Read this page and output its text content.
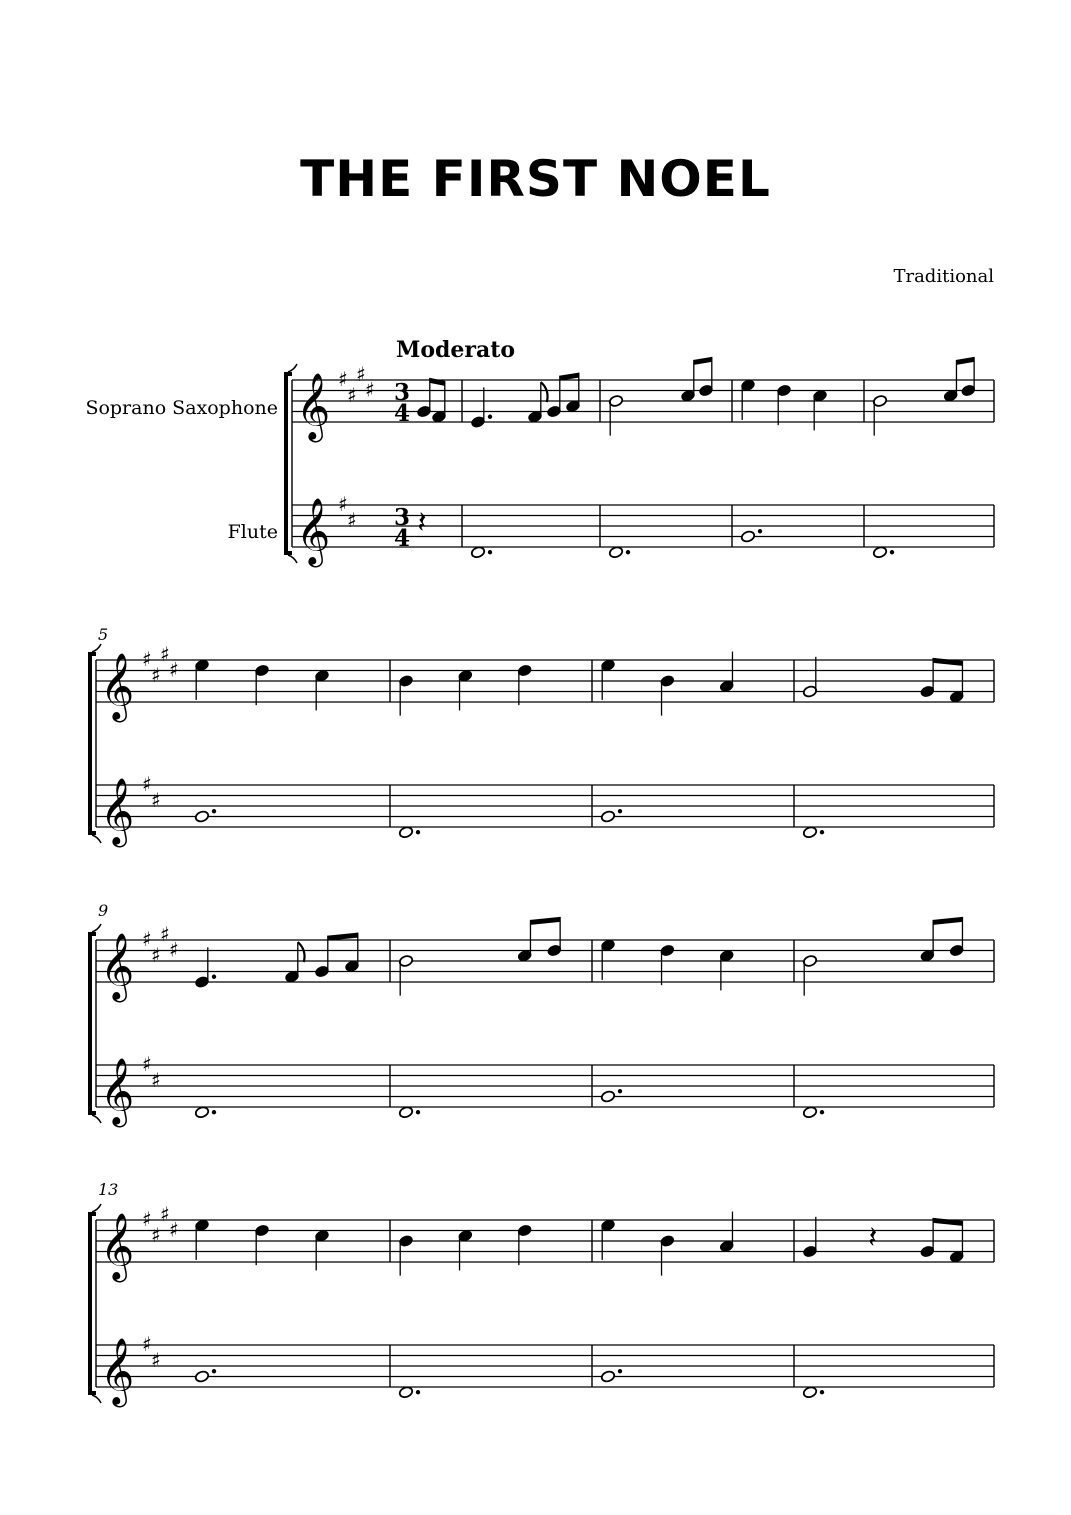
THE FIRST NOEL
Traditional
Moderato
Soprano Saxophone
Flute
5
9
13
𝄞
𝄞
♯
♯
♯
♯
♯
♯
3
4
3
4 𝄽
𝄞
𝄞
♯
♯
♯
♯
♯
♯
𝄞
𝄞
♯
♯
♯
♯
♯
♯
𝄞
𝄞
♯
♯
♯
♯
♯
♯
𝄽
